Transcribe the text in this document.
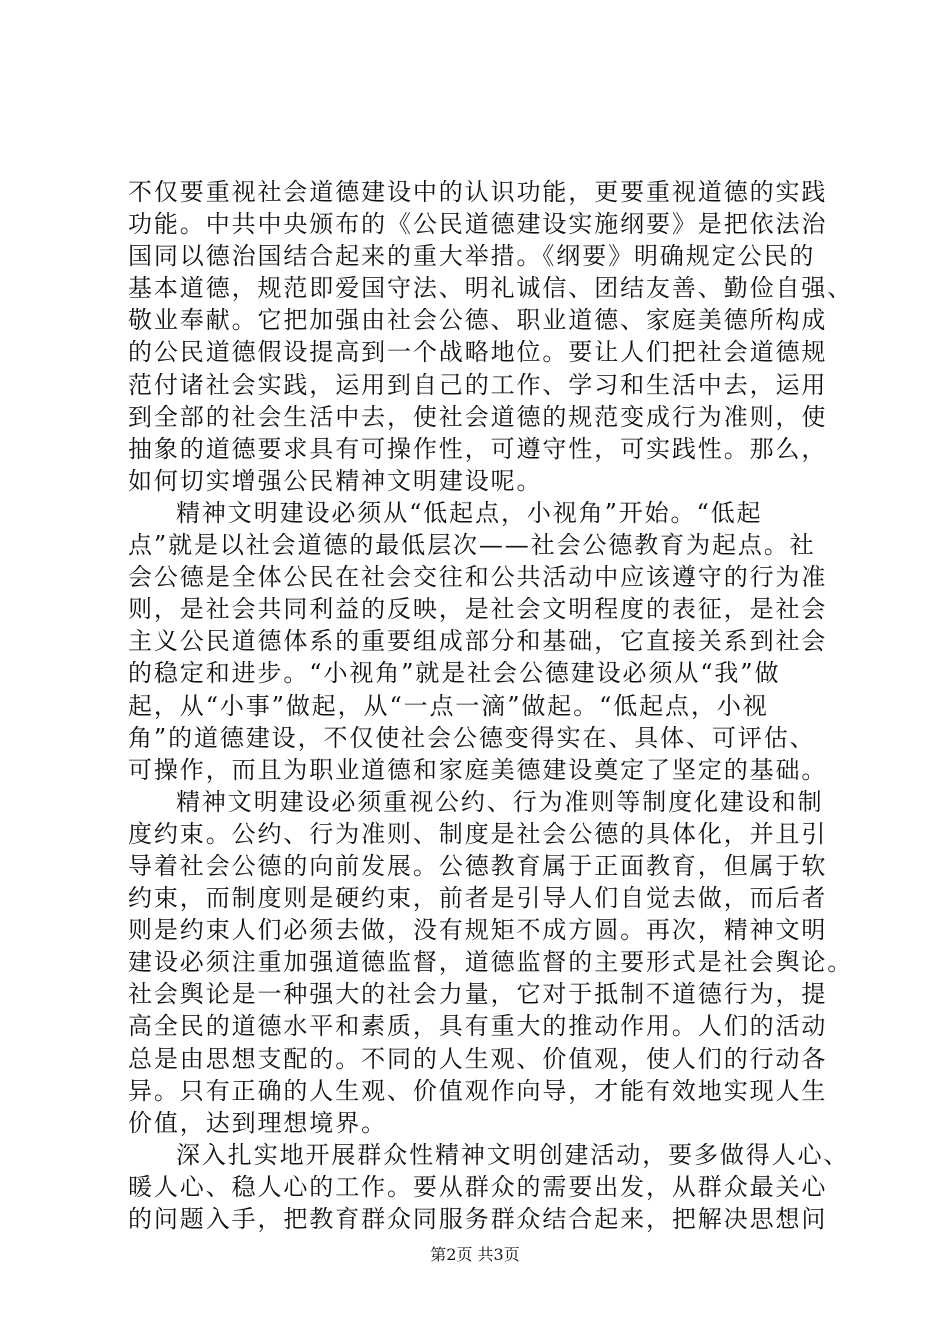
不仅要重视社会道德建设中的认识功能，更要重视道德的实践
功能。中共中央颁布的《公民道德建设实施纲要》是把依法治
国同以德治国结合起来的重大举措。《纲要》明确规定公民的
基本道德，规范即爱国守法、明礼诚信、团结友善、勤俭自强、
敬业奉献。它把加强由社会公德、职业道德、家庭美德所构成
的公民道德假设提高到一个战略地位。要让人们把社会道德规
范付诸社会实践，运用到自己的工作、学习和生活中去，运用
到全部的社会生活中去，使社会道德的规范变成行为准则，使
抽象的道德要求具有可操作性，可遵守性，可实践性。那么，
如何切实增强公民精神文明建设呢。
精神文明建设必须从“低起点，小视角”开始。“低起
点”就是以社会道德的最低层次——社会公德教育为起点。社
会公德是全体公民在社会交往和公共活动中应该遵守的行为准
则，是社会共同利益的反映，是社会文明程度的表征，是社会
主义公民道德体系的重要组成部分和基础，它直接关系到社会
的稳定和进步。“小视角”就是社会公德建设必须从“我”做
起，从“小事”做起，从“一点一滴”做起。“低起点，小视
角”的道德建设，不仅使社会公德变得实在、具体、可评估、
可操作，而且为职业道德和家庭美德建设奠定了坚定的基础。
精神文明建设必须重视公约、行为准则等制度化建设和制
度约束。公约、行为准则、制度是社会公德的具体化，并且引
导着社会公德的向前发展。公德教育属于正面教育，但属于软
约束，而制度则是硬约束，前者是引导人们自觉去做，而后者
则是约束人们必须去做，没有规矩不成方圆。再次，精神文明
建设必须注重加强道德监督，道德监督的主要形式是社会舆论。
社会舆论是一种强大的社会力量，它对于抵制不道德行为，提
高全民的道德水平和素质，具有重大的推动作用。人们的活动
总是由思想支配的。不同的人生观、价值观，使人们的行动各
异。只有正确的人生观、价值观作向导，才能有效地实现人生
价值，达到理想境界。
深入扎实地开展群众性精神文明创建活动，要多做得人心、
暖人心、稳人心的工作。要从群众的需要出发，从群众最关心
的问题入手，把教育群众同服务群众结合起来，把解决思想问
第2页 共3页
